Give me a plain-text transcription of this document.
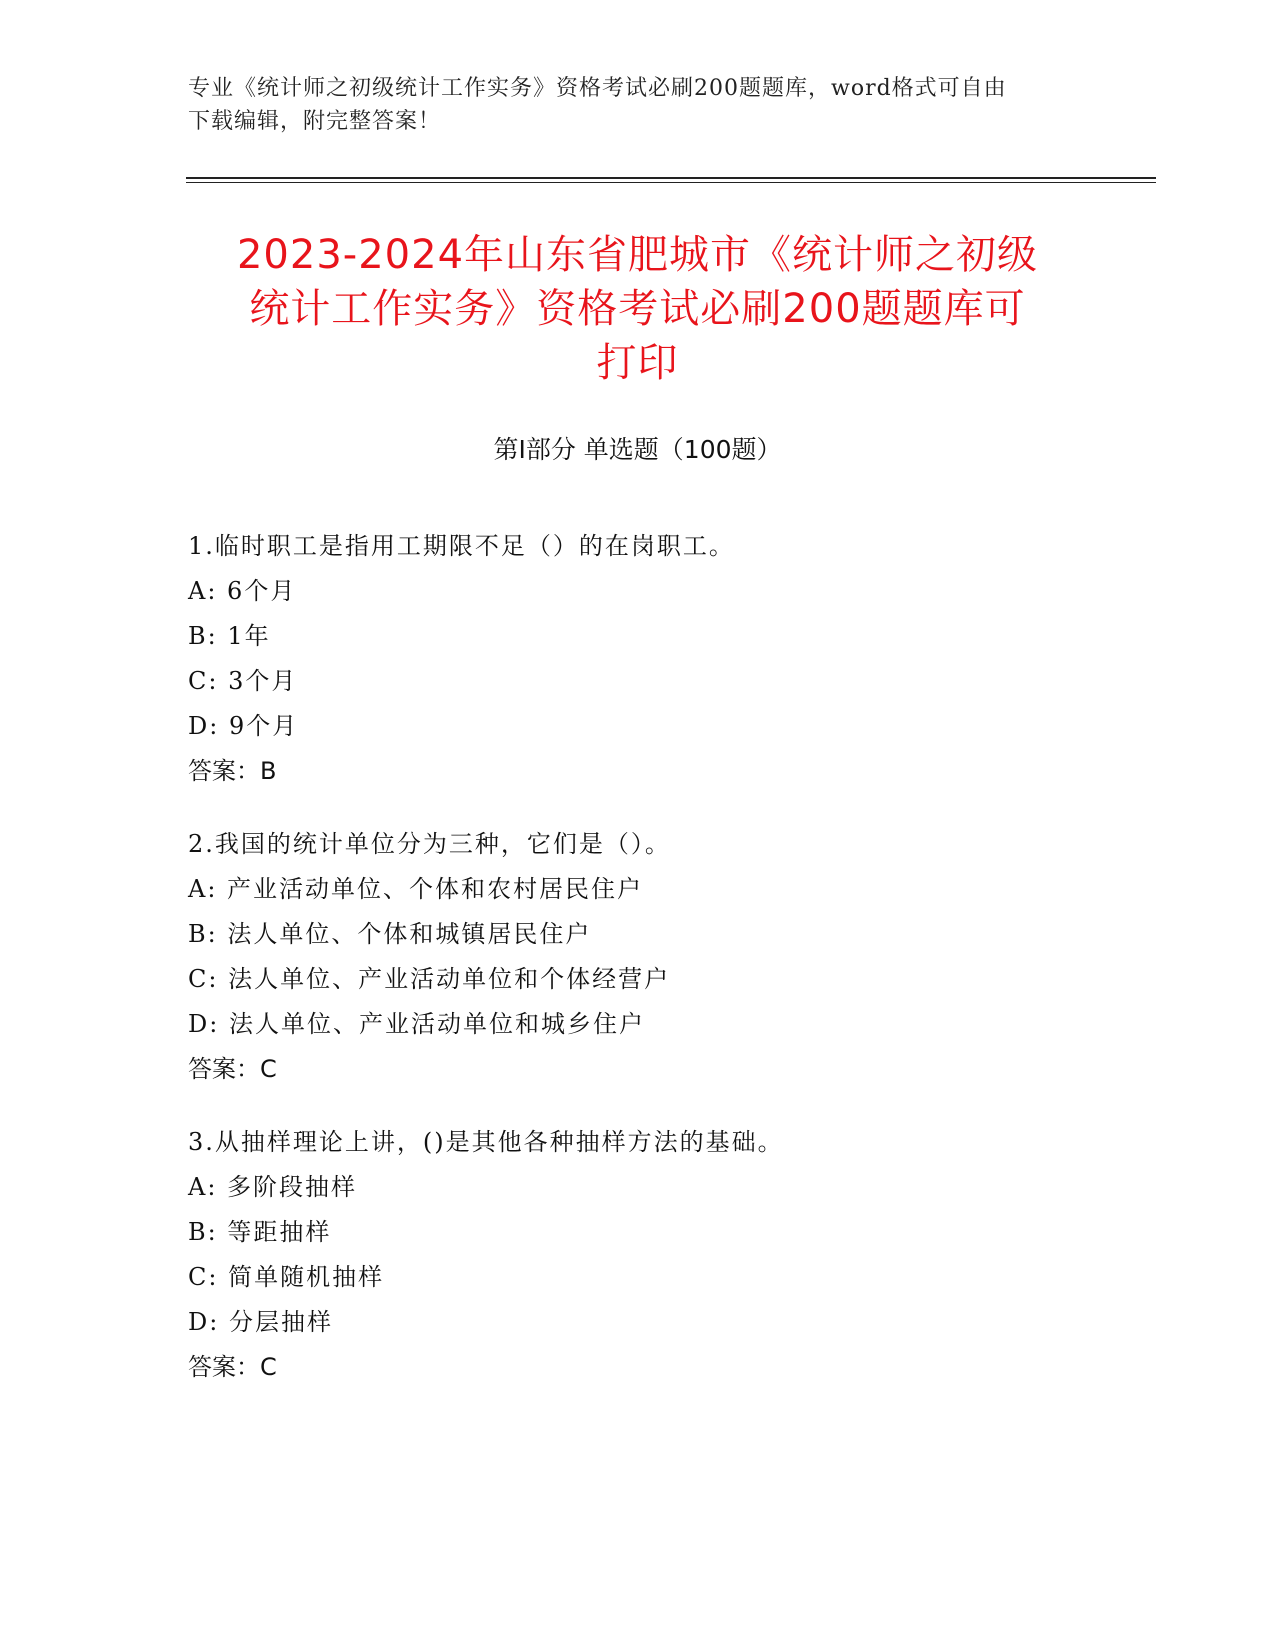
专业《统计师之初级统计工作实务》资格考试必刷200题题库，word格式可自由
下载编辑，附完整答案！
2023-2024年山东省肥城市《统计师之初级
统计工作实务》资格考试必刷200题题库可
打印
第Ⅰ部分 单选题（100题）
1.临时职工是指用工期限不足（）的在岗职工。
A: 6个月
B: 1年
C: 3个月
D: 9个月
答案：B
2.我国的统计单位分为三种，它们是（）。
A: 产业活动单位、个体和农村居民住户
B: 法人单位、个体和城镇居民住户
C: 法人单位、产业活动单位和个体经营户
D: 法人单位、产业活动单位和城乡住户
答案：C
3.从抽样理论上讲，()是其他各种抽样方法的基础。
A: 多阶段抽样
B: 等距抽样
C: 简单随机抽样
D: 分层抽样
答案：C
